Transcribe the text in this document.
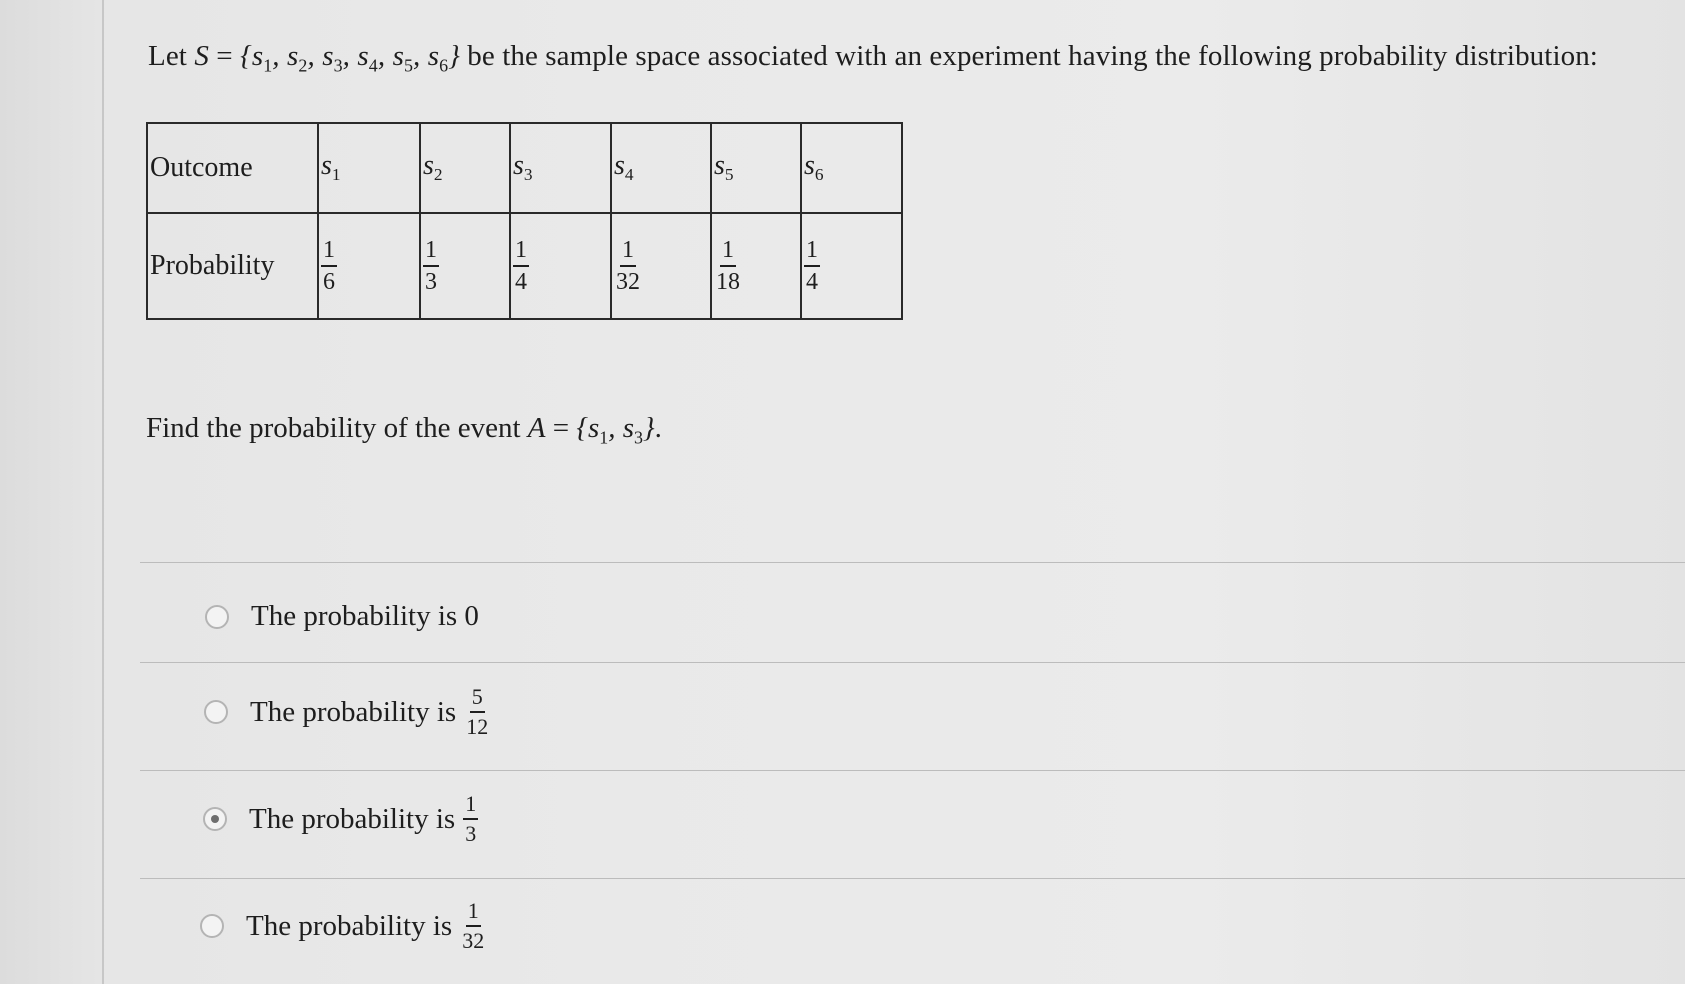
Let $S = \{s_1$, $s_2$, $s_3$, $s_4$, $s_5$, $s_6$} be the sample space associated with an experiment having the following probability distribution:
Outcome	$s_1$	$s_2$	$s_3$	$s_4$	$s_5$	$s_6$
Probability	$\frac{1}{6}$	$\frac{1}{3}$	$\frac{1}{4}$	$\frac{1}{32}$	$\frac{1}{18}$	$\frac{1}{4}$
Find the probability of the event $A = \{s_1$, $s_3$}.
The probability is 0
The probability is $\frac{5}{12}$
The probability is $\frac{1}{3}$
The probability is $\frac{1}{32}$
